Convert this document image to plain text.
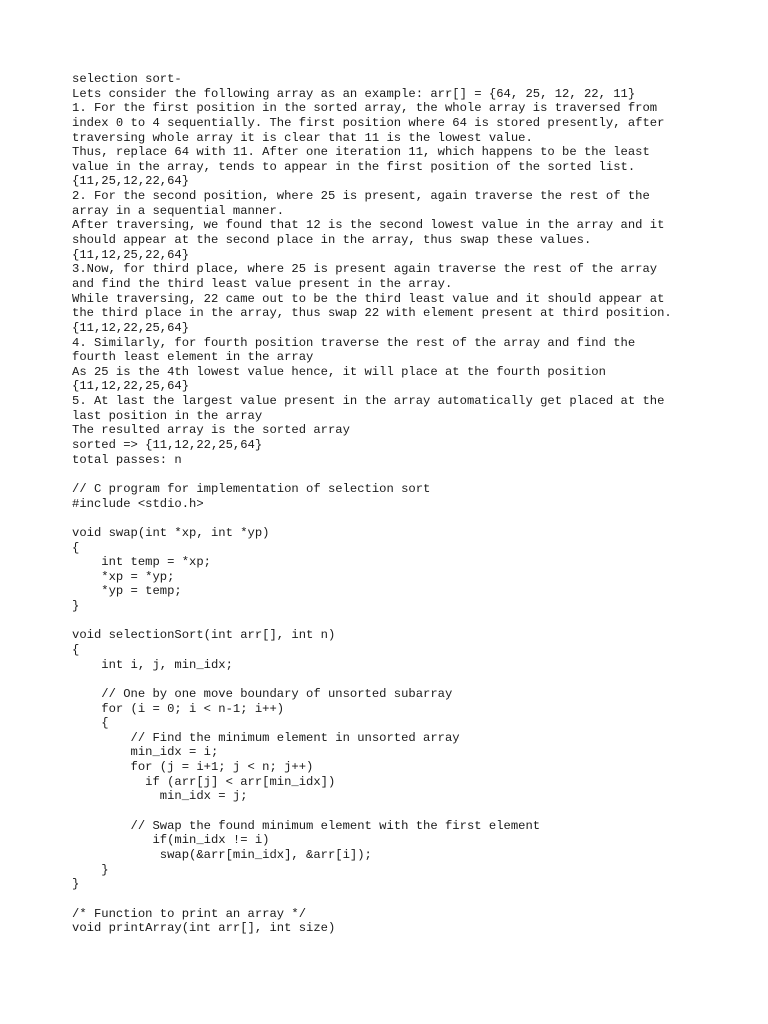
selection sort-
Lets consider the following array as an example: arr[] = {64, 25, 12, 22, 11}
1. For the first position in the sorted array, the whole array is traversed from
index 0 to 4 sequentially. The first position where 64 is stored presently, after
traversing whole array it is clear that 11 is the lowest value.
Thus, replace 64 with 11. After one iteration 11, which happens to be the least
value in the array, tends to appear in the first position of the sorted list.
{11,25,12,22,64}
2. For the second position, where 25 is present, again traverse the rest of the
array in a sequential manner.
After traversing, we found that 12 is the second lowest value in the array and it
should appear at the second place in the array, thus swap these values.
{11,12,25,22,64}
3.Now, for third place, where 25 is present again traverse the rest of the array
and find the third least value present in the array.
While traversing, 22 came out to be the third least value and it should appear at
the third place in the array, thus swap 22 with element present at third position.
{11,12,22,25,64}
4. Similarly, for fourth position traverse the rest of the array and find the
fourth least element in the array
As 25 is the 4th lowest value hence, it will place at the fourth position
{11,12,22,25,64}
5. At last the largest value present in the array automatically get placed at the
last position in the array
The resulted array is the sorted array
sorted => {11,12,22,25,64}
total passes: n
// C program for implementation of selection sort
#include <stdio.h>
void swap(int *xp, int *yp)
{
int temp = *xp;
*xp = *yp;
*yp = temp;
}
void selectionSort(int arr[], int n)
{
int i, j, min_idx;
// One by one move boundary of unsorted subarray
for (i = 0; i < n-1; i++)
{
// Find the minimum element in unsorted array
min_idx = i;
for (j = i+1; j < n; j++)
if (arr[j] < arr[min_idx])
min_idx = j;
// Swap the found minimum element with the first element
if(min_idx != i)
swap(&arr[min_idx], &arr[i]);
}
}
/* Function to print an array */
void printArray(int arr[], int size)
